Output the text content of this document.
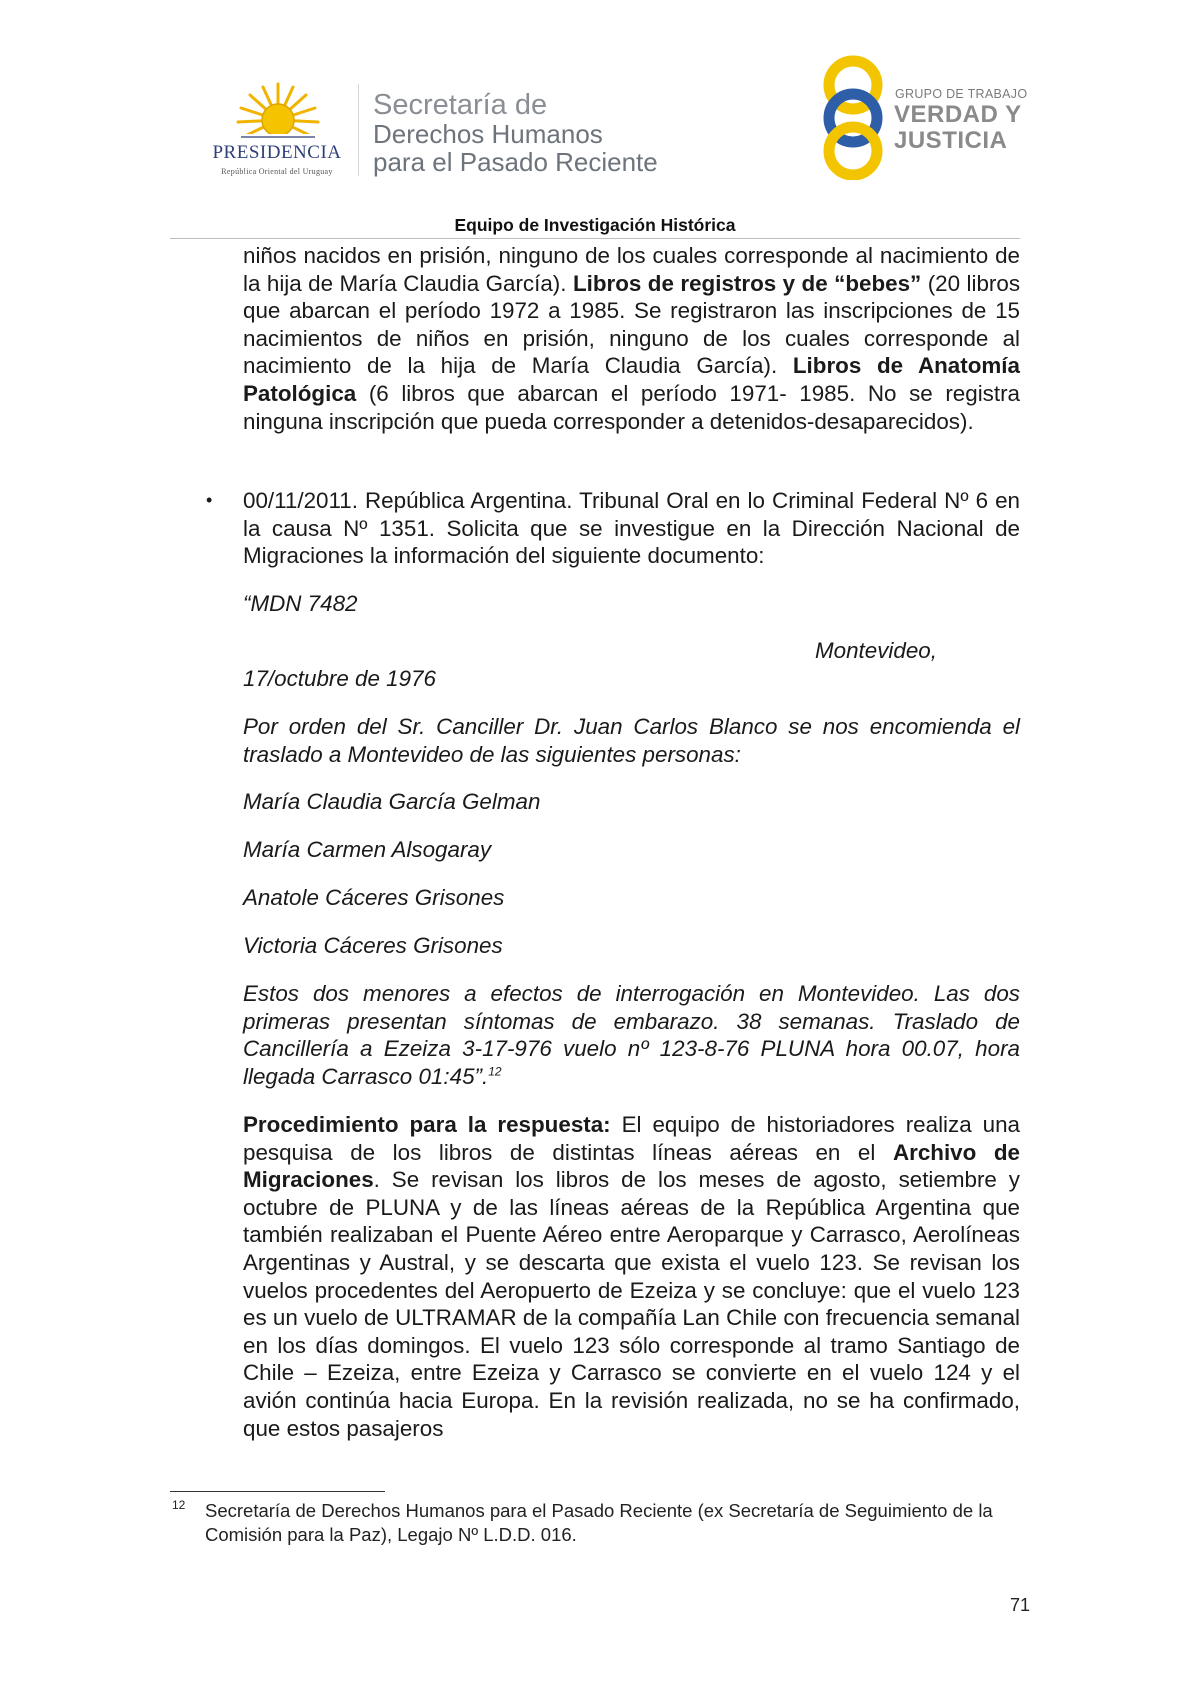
PRESIDENCIA
República Oriental del Uruguay
Secretaría de
Derechos Humanos
para el Pasado Reciente
GRUPO DE TRABAJO
VERDAD Y
JUSTICIA
Equipo de Investigación Histórica
niños nacidos en prisión, ninguno de los cuales corresponde al nacimiento de la hija de María Claudia García). Libros de registros y de “bebes” (20 libros que abarcan el período 1972 a 1985. Se registraron las inscripciones de 15 nacimientos de niños en prisión, ninguno de los cuales corresponde al nacimiento de la hija de María Claudia García). Libros de Anatomía Patológica (6 libros que abarcan el período 1971- 1985. No se registra ninguna inscripción que pueda corresponder a detenidos-desaparecidos).
• 00/11/2011. República Argentina. Tribunal Oral en lo Criminal Federal Nº 6 en la causa Nº 1351. Solicita que se investigue en la Dirección Nacional de Migraciones la información del siguiente documento:
“MDN 7482
Montevideo,
17/octubre de 1976
Por orden del Sr. Canciller Dr. Juan Carlos Blanco se nos encomienda el traslado a Montevideo de las siguientes personas:
María Claudia García Gelman
María Carmen Alsogaray
Anatole Cáceres Grisones
Victoria Cáceres Grisones
Estos dos menores a efectos de interrogación en Montevideo. Las dos primeras presentan síntomas de embarazo. 38 semanas. Traslado de Cancillería a Ezeiza 3-17-976 vuelo nº 123-8-76 PLUNA hora 00.07, hora llegada Carrasco 01:45”.$^{12}$
Procedimiento para la respuesta: El equipo de historiadores realiza una pesquisa de los libros de distintas líneas aéreas en el Archivo de Migraciones. Se revisan los libros de los meses de agosto, setiembre y octubre de PLUNA y de las líneas aéreas de la República Argentina que también realizaban el Puente Aéreo entre Aeroparque y Carrasco, Aerolíneas Argentinas y Austral, y se descarta que exista el vuelo 123. Se revisan los vuelos procedentes del Aeropuerto de Ezeiza y se concluye: que el vuelo 123 es un vuelo de ULTRAMAR de la compañía Lan Chile con frecuencia semanal en los días domingos. El vuelo 123 sólo corresponde al tramo Santiago de Chile – Ezeiza, entre Ezeiza y Carrasco se convierte en el vuelo 124 y el avión continúa hacia Europa. En la revisión realizada, no se ha confirmado, que estos pasajeros
12 Secretaría de Derechos Humanos para el Pasado Reciente (ex Secretaría de Seguimiento de la Comisión para la Paz), Legajo Nº L.D.D. 016.
71
